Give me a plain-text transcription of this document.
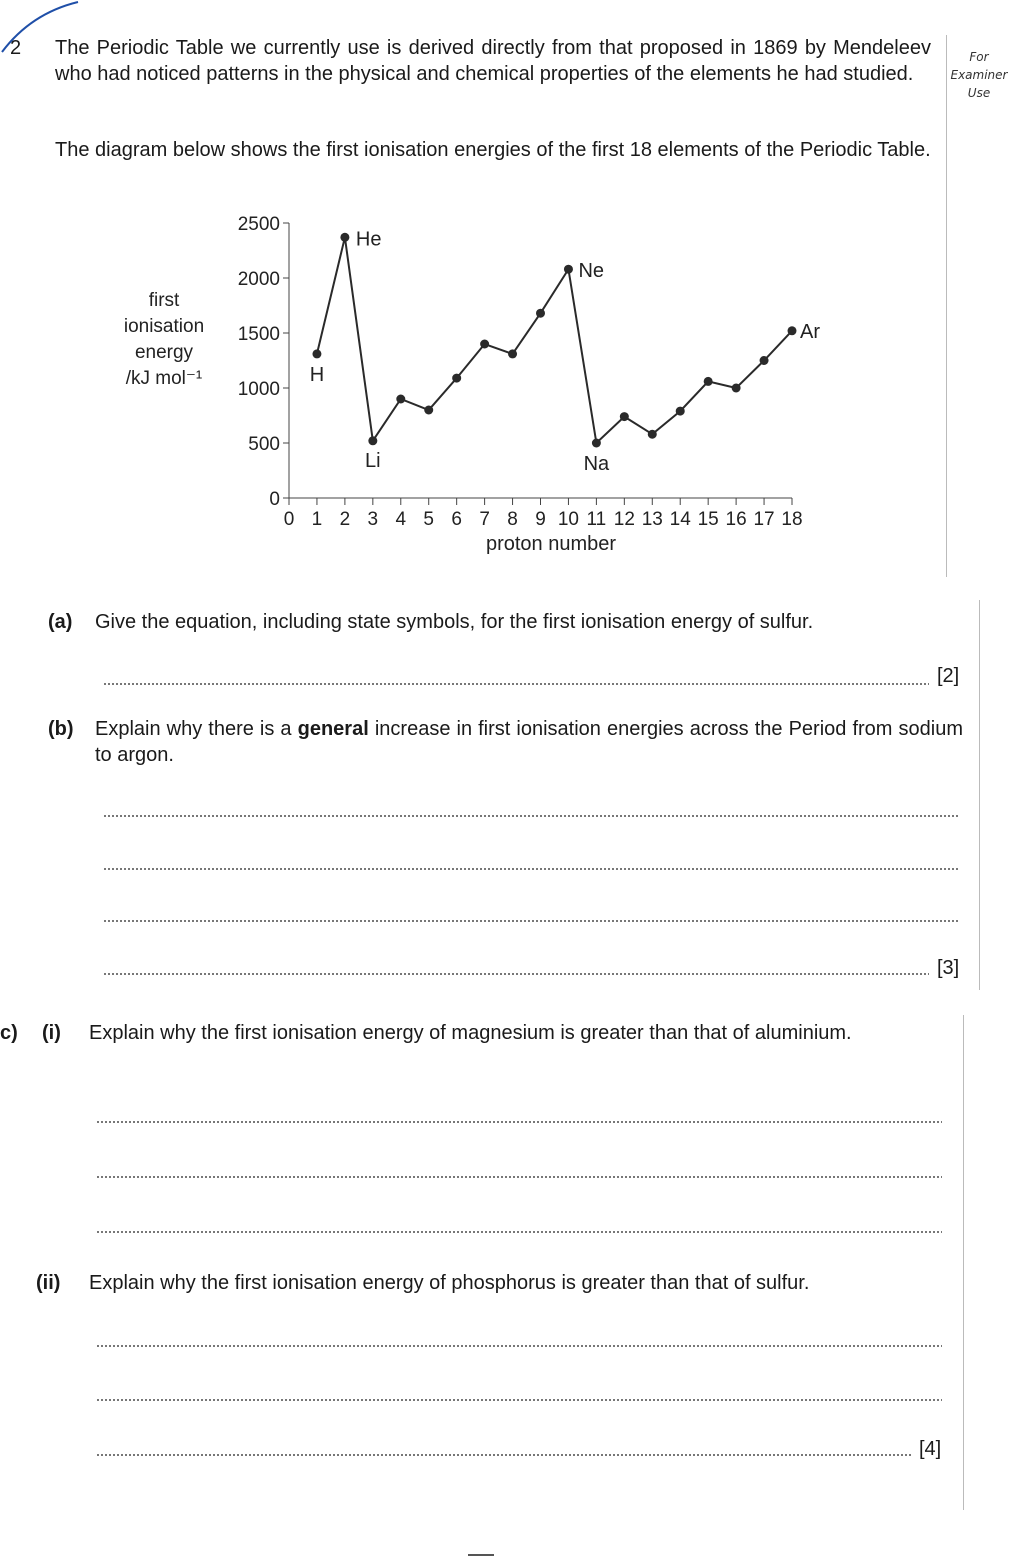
2 The Periodic Table we currently use is derived directly from that proposed in 1869 by Mendeleev who had noticed patterns in the physical and chemical properties of the elements he had studied.
The diagram below shows the first ionisation energies of the first 18 elements of the Periodic Table.
For
Examiner
Use
first
ionisation
energy
/kJ mol⁻¹
0
500
1000
1500
2000
2500
0 1 2 3 4 5 6 7 8 9 10 11 12 13 14 15 16 17 18
H
He
Li
Ne
Na
Ar
proton number
(a) Give the equation, including state symbols, for the first ionisation energy of sulfur.
[2]
(b) Explain why there is a general increase in first ionisation energies across the Period from sodium to argon.
[3]
c) (i) Explain why the first ionisation energy of magnesium is greater than that of aluminium.
(ii) Explain why the first ionisation energy of phosphorus is greater than that of sulfur.
[4]
